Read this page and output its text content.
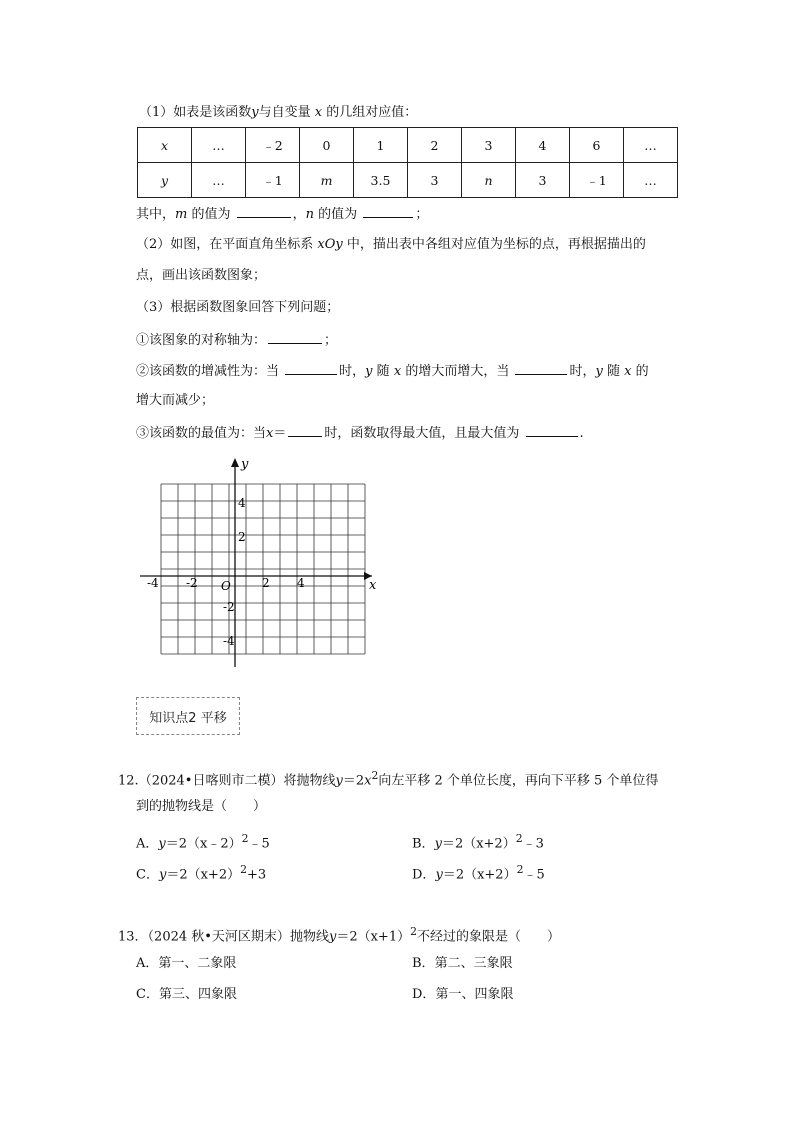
（1）如表是该函数y与自变量 x 的几组对应值：
x	…	﹣2	0	1	2	3	4	6	…
y	…	﹣1	m	3.5	3	n	3	﹣1	…
其中，m 的值为	，n 的值为	；
（2）如图，在平面直角坐标系 xOy 中，描出表中各组对应值为坐标的点，再根据描出的
点，画出该函数图象；
（3）根据函数图象回答下列问题；
①该图象的对称轴为：	；
②该函数的增减性为：当	时，y 随 x 的增大而增大，当	时，y 随 x 的
增大而减少；
③该函数的最值为：当x＝	时，函数取得最大值，且最大值为	.
x
y
O
-4 -2	2 4
4
2
-2
-4
知识点2 平移
12.（2024•日喀则市二模）将抛物线$y=2x^2$向左平移 2 个单位长度，再向下平移 5 个单位得
到的抛物线是（　　）
A．y＝2（x﹣2）$^2$﹣5	B．$y=2(x+2)^2﹣3$
C．$y=2(x+2)^2+3$	D．$y=2(x+2)^2﹣5$
13．（2024 秋•天河区期末）抛物线$y=2(x+1)^2$不经过的象限是（　　）
A．第一、二象限	B．第二、三象限
C．第三、四象限	D．第一、四象限
